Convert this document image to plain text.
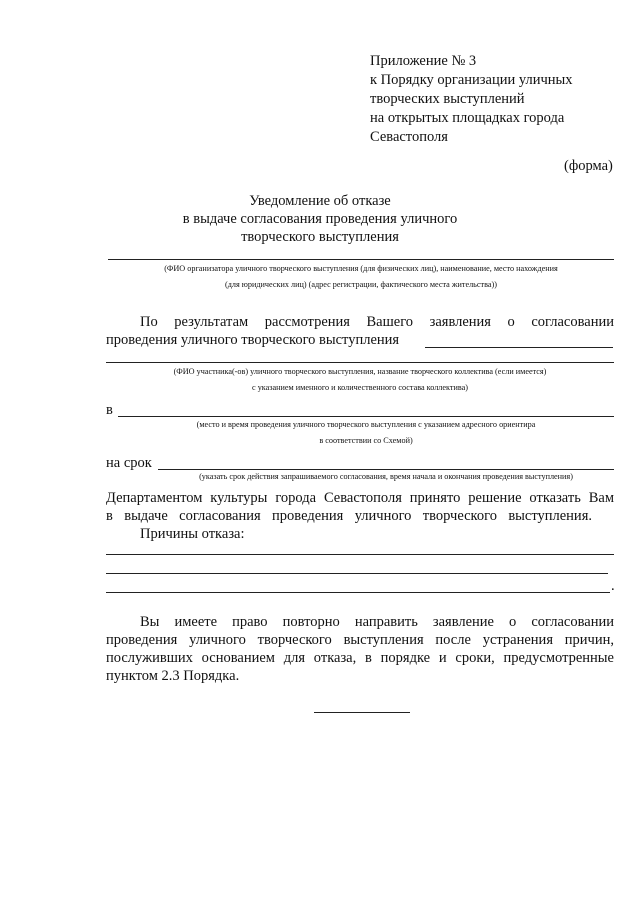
Приложение № 3
к Порядку организации уличных
творческих выступлений
на открытых площадках города
Севастополя
(форма)
Уведомление об отказе
в выдаче согласования проведения уличного
творческого выступления
(ФИО организатора уличного творческого выступления (для физических лиц), наименование, место нахождения
(для юридических лиц) (адрес регистрации, фактического места жительства))
По результатам рассмотрения Вашего заявления о согласовании
проведения уличного творческого выступления
(ФИО участника(-ов) уличного творческого выступления, название творческого коллектива (если имеется)
с указанием именного и количественного состава коллектива)
в
(место и время проведения уличного творческого выступления с указанием адресного ориентира
в соответствии со Схемой)
на срок
(указать срок действия запрашиваемого согласования, время начала и окончания проведения выступления)
Департаментом культуры города Севастополя принято решение отказать Вам
в выдаче согласования проведения уличного творческого выступления.
Причины отказа:
.
Вы имеете право повторно направить заявление о согласовании
проведения уличного творческого выступления после устранения причин,
послуживших основанием для отказа, в порядке и сроки, предусмотренные
пунктом 2.3 Порядка.
